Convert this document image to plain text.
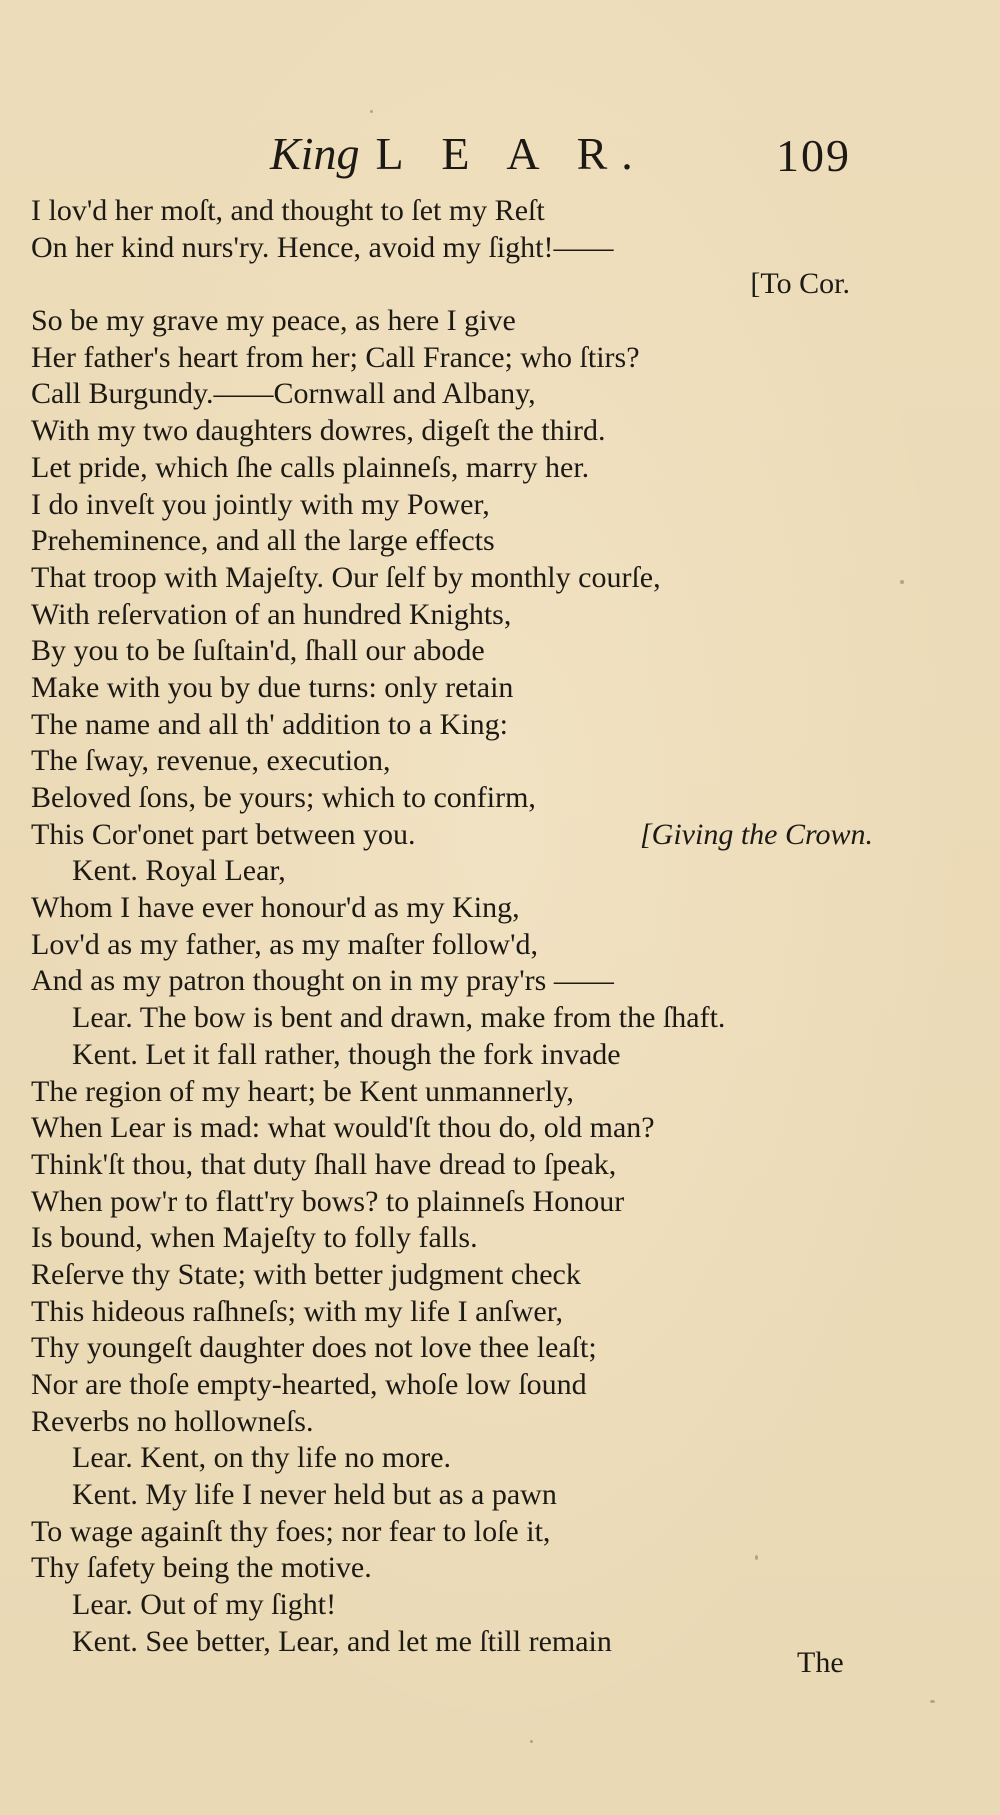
King L E A R.	109
I lov'd her moſt, and thought to ſet my Reſt
On her kind nurs'ry. Hence, avoid my ſight!——
[To Cor.
So be my grave my peace, as here I give
Her father's heart from her; Call France; who ſtirs?
Call Burgundy.——Cornwall and Albany,
With my two daughters dowres, digeſt the third.
Let pride, which ſhe calls plainneſs, marry her.
I do inveſt you jointly with my Power,
Preheminence, and all the large effects
That troop with Majeſty. Our ſelf by monthly courſe,
With reſervation of an hundred Knights,
By you to be ſuſtain'd, ſhall our abode
Make with you by due turns: only retain
The name and all th' addition to a King:
The ſway, revenue, execution,
Beloved ſons, be yours; which to confirm,
This Cor'onet part between you.	[Giving the Crown.
Kent. Royal Lear,
Whom I have ever honour'd as my King,
Lov'd as my father, as my maſter follow'd,
And as my patron thought on in my pray'rs ——
Lear. The bow is bent and drawn, make from the ſhaft.
Kent. Let it fall rather, though the fork invade
The region of my heart; be Kent unmannerly,
When Lear is mad: what would'ſt thou do, old man?
Think'ſt thou, that duty ſhall have dread to ſpeak,
When pow'r to flatt'ry bows? to plainneſs Honour
Is bound, when Majeſty to folly falls.
Reſerve thy State; with better judgment check
This hideous raſhneſs; with my life I anſwer,
Thy youngeſt daughter does not love thee leaſt;
Nor are thoſe empty-hearted, whoſe low ſound
Reverbs no hollowneſs.
Lear. Kent, on thy life no more.
Kent. My life I never held but as a pawn
To wage againſt thy foes; nor fear to loſe it,
Thy ſafety being the motive.
Lear. Out of my ſight!
Kent. See better, Lear, and let me ſtill remain
The
